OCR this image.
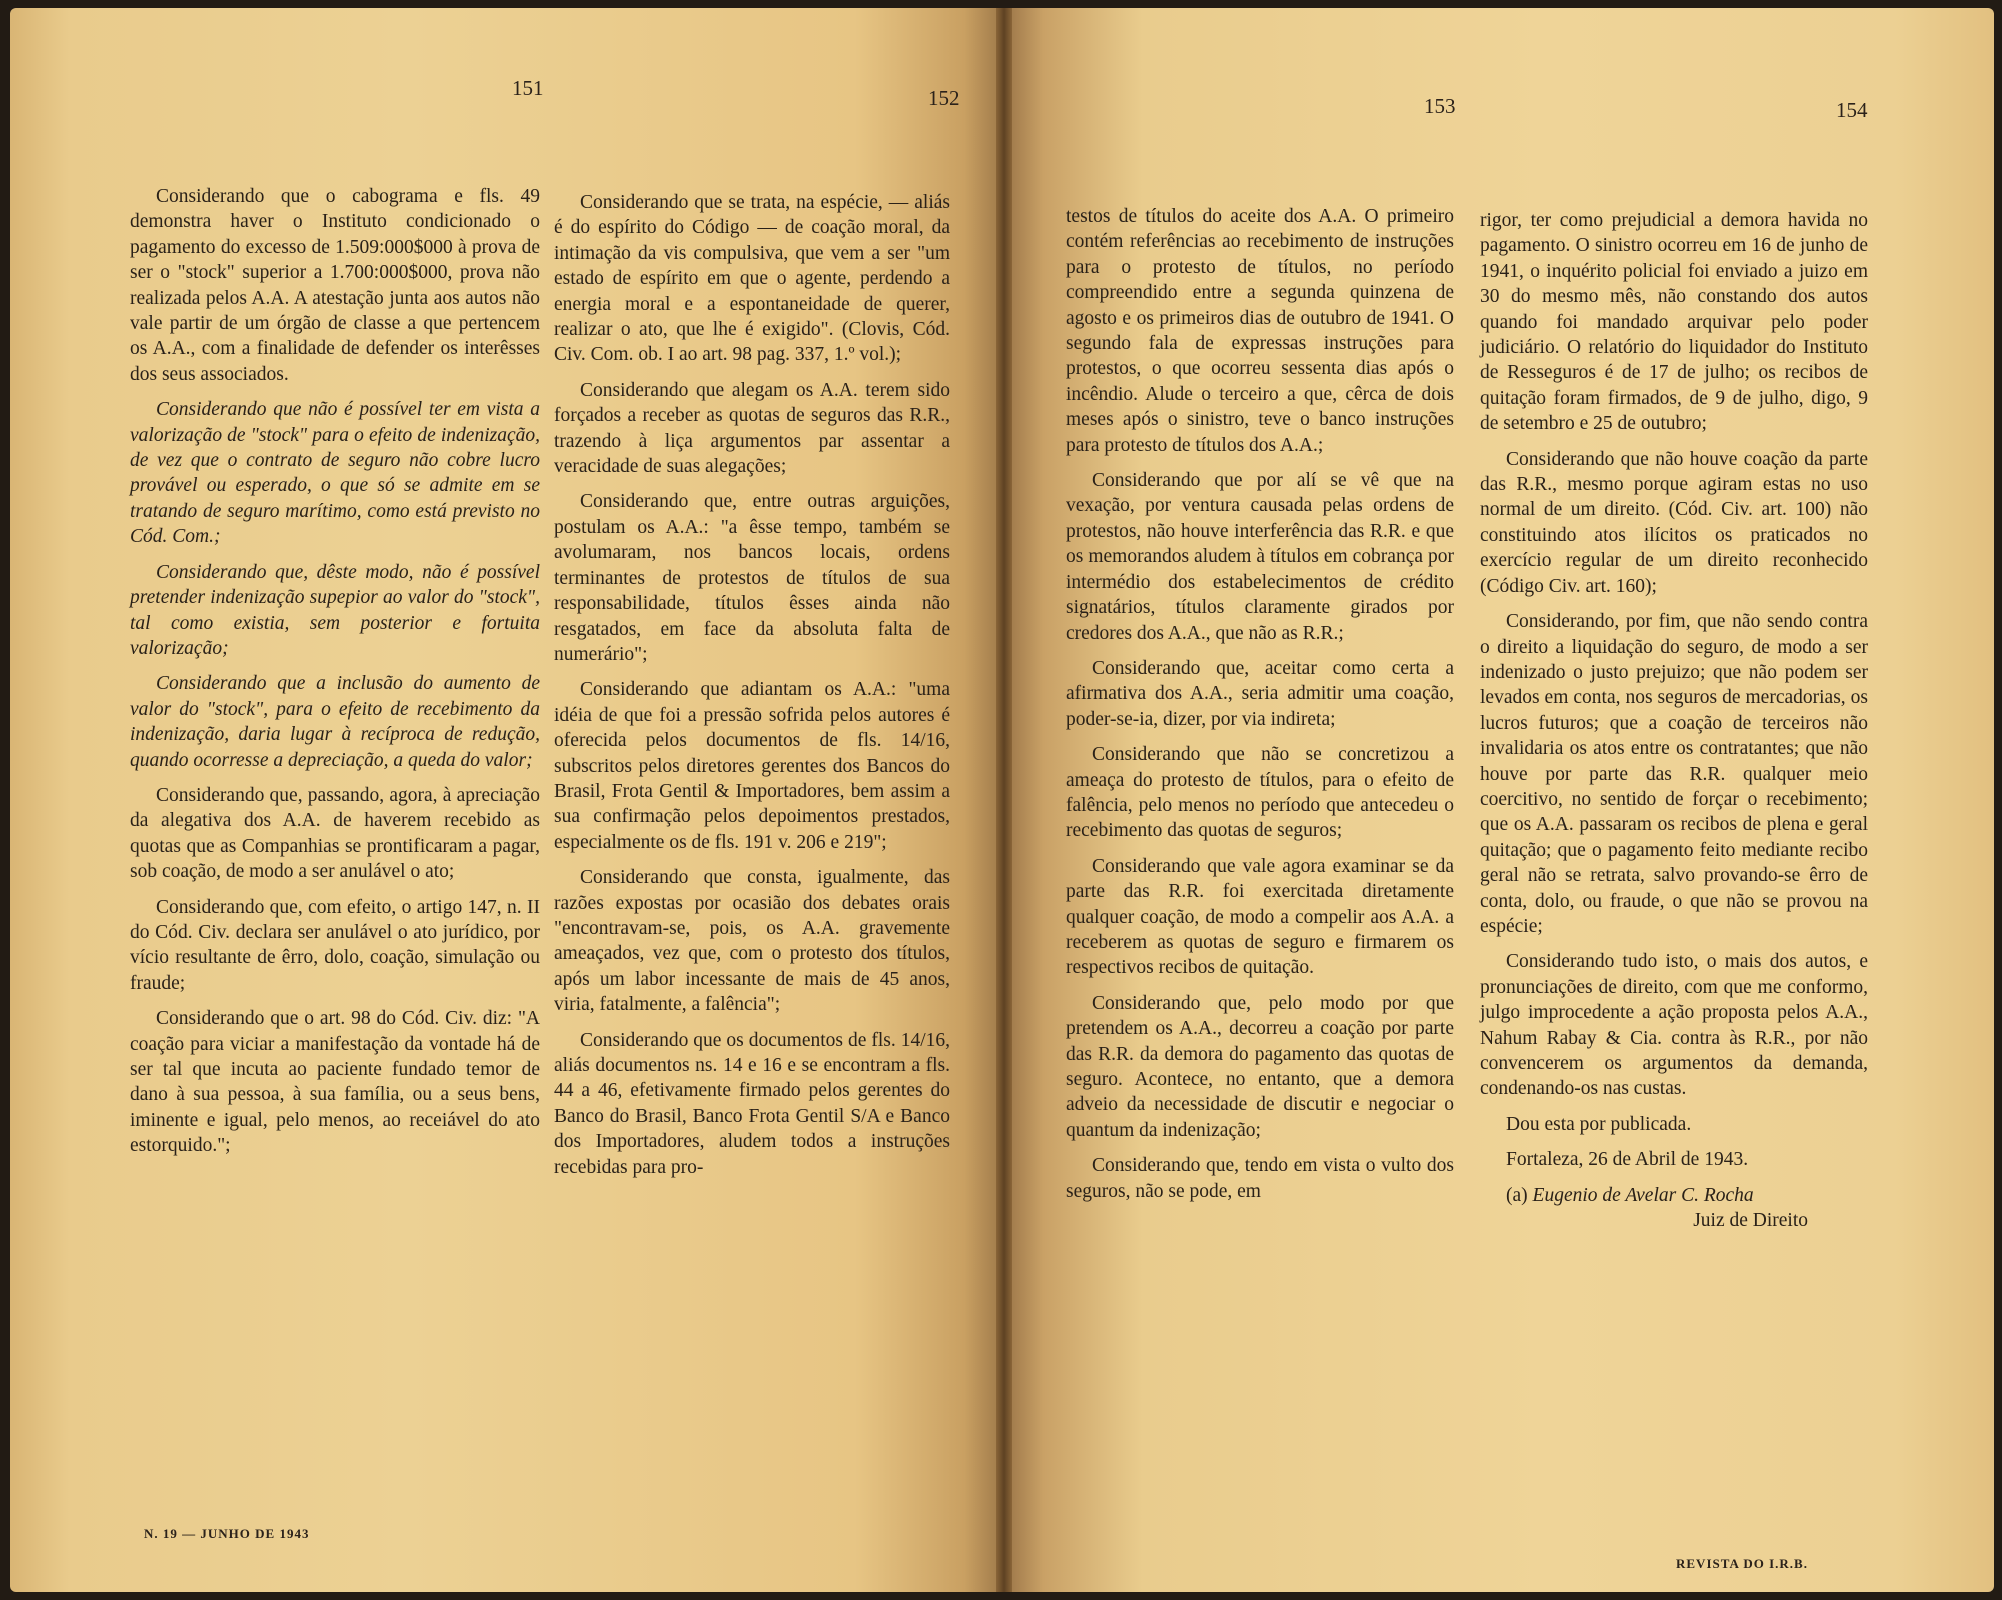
151	152	153	154

Considerando que o cabograma e fls. 49 demonstra haver o Instituto condicionado o pagamento do excesso de 1.509:000$000 à prova de ser o "stock" superior a 1.700:000$000, prova não realizada pelos A.A. A atestação junta aos autos não vale partir de um órgão de classe a que pertencem os A.A., com a finalidade de defender os interêsses dos seus associados.

Considerando que não é possível ter em vista a valorização de "stock" para o efeito de indenização, de vez que o contrato de seguro não cobre lucro provável ou esperado, o que só se admite em se tratando de seguro marítimo, como está previsto no Cód. Com.;

Considerando que, dêste modo, não é possível pretender indenização supepior ao valor do "stock", tal como existia, sem posterior e fortuita valorização;

Considerando que a inclusão do aumento de valor do "stock", para o efeito de recebimento da indenização, daria lugar à recíproca de redução, quando ocorresse a depreciação, a queda do valor;

Considerando que, passando, agora, à apreciação da alegativa dos A.A. de haverem recebido as quotas que as Companhias se prontificaram a pagar, sob coação, de modo a ser anulável o ato;

Considerando que, com efeito, o artigo 147, n. II do Cód. Civ. declara ser anulável o ato jurídico, por vício resultante de êrro, dolo, coação, simulação ou fraude;

Considerando que o art. 98 do Cód. Civ. diz: "A coação para viciar a manifestação da vontade há de ser tal que incuta ao paciente fundado temor de dano à sua pessoa, à sua família, ou a seus bens, iminente e igual, pelo menos, ao receiável do ato estorquido.";

Considerando que se trata, na espécie, — aliás é do espírito do Código — de coação moral, da intimação da vis compulsiva, que vem a ser "um estado de espírito em que o agente, perdendo a energia moral e a espontaneidade de querer, realizar o ato, que lhe é exigido". (Clovis, Cód. Civ. Com. ob. I ao art. 98 pag. 337, 1.º vol.);

Considerando que alegam os A.A. terem sido forçados a receber as quotas de seguros das R.R., trazendo à liça argumentos par assentar a veracidade de suas alegações;

Considerando que, entre outras arguições, postulam os A.A.: "a êsse tempo, também se avolumaram, nos bancos locais, ordens terminantes de protestos de títulos de sua responsabilidade, títulos êsses ainda não resgatados, em face da absoluta falta de numerário";

Considerando que adiantam os A.A.: "uma idéia de que foi a pressão sofrida pelos autores é oferecida pelos documentos de fls. 14/16, subscritos pelos diretores gerentes dos Bancos do Brasil, Frota Gentil & Importadores, bem assim a sua confirmação pelos depoimentos prestados, especialmente os de fls. 191 v. 206 e 219";

Considerando que consta, igualmente, das razões expostas por ocasião dos debates orais "encontravam-se, pois, os A.A. gravemente ameaçados, vez que, com o protesto dos títulos, após um labor incessante de mais de 45 anos, viria, fatalmente, a falência";

Considerando que os documentos de fls. 14/16, aliás documentos ns. 14 e 16 e se encontram a fls. 44 a 46, efetivamente firmado pelos gerentes do Banco do Brasil, Banco Frota Gentil S/A e Banco dos Importadores, aludem todos a instruções recebidas para pro-

testos de títulos do aceite dos A.A. O primeiro contém referências ao recebimento de instruções para o protesto de títulos, no período compreendido entre a segunda quinzena de agosto e os primeiros dias de outubro de 1941. O segundo fala de expressas instruções para protestos, o que ocorreu sessenta dias após o incêndio. Alude o terceiro a que, cêrca de dois meses após o sinistro, teve o banco instruções para protesto de títulos dos A.A.;

Considerando que por alí se vê que na vexação, por ventura causada pelas ordens de protestos, não houve interferência das R.R. e que os memorandos aludem à títulos em cobrança por intermédio dos estabelecimentos de crédito signatários, títulos claramente girados por credores dos A.A., que não as R.R.;

Considerando que, aceitar como certa a afirmativa dos A.A., seria admitir uma coação, poder-se-ia, dizer, por via indireta;

Considerando que não se concretizou a ameaça do protesto de títulos, para o efeito de falência, pelo menos no período que antecedeu o recebimento das quotas de seguros;

Considerando que vale agora examinar se da parte das R.R. foi exercitada diretamente qualquer coação, de modo a compelir aos A.A. a receberem as quotas de seguro e firmarem os respectivos recibos de quitação.

Considerando que, pelo modo por que pretendem os A.A., decorreu a coação por parte das R.R. da demora do pagamento das quotas de seguro. Acontece, no entanto, que a demora adveio da necessidade de discutir e negociar o quantum da indenização;

Considerando que, tendo em vista o vulto dos seguros, não se pode, em

rigor, ter como prejudicial a demora havida no pagamento. O sinistro ocorreu em 16 de junho de 1941, o inquérito policial foi enviado a juizo em 30 do mesmo mês, não constando dos autos quando foi mandado arquivar pelo poder judiciário. O relatório do liquidador do Instituto de Resseguros é de 17 de julho; os recibos de quitação foram firmados, de 9 de julho, digo, 9 de setembro e 25 de outubro;

Considerando que não houve coação da parte das R.R., mesmo porque agiram estas no uso normal de um direito. (Cód. Civ. art. 100) não constituindo atos ilícitos os praticados no exercício regular de um direito reconhecido (Código Civ. art. 160);

Considerando, por fim, que não sendo contra o direito a liquidação do seguro, de modo a ser indenizado o justo prejuizo; que não podem ser levados em conta, nos seguros de mercadorias, os lucros futuros; que a coação de terceiros não invalidaria os atos entre os contratantes; que não houve por parte das R.R. qualquer meio coercitivo, no sentido de forçar o recebimento; que os A.A. passaram os recibos de plena e geral quitação; que o pagamento feito mediante recibo geral não se retrata, salvo provando-se êrro de conta, dolo, ou fraude, o que não se provou na espécie;

Considerando tudo isto, o mais dos autos, e pronunciações de direito, com que me conformo, julgo improcedente a ação proposta pelos A.A., Nahum Rabay & Cia. contra às R.R., por não convencerem os argumentos da demanda, condenando-os nas custas.

Dou esta por publicada.

Fortaleza, 26 de Abril de 1943.

(a) Eugenio de Avelar C. Rocha
Juiz de Direito
N. 19 — JUNHO DE 1943
REVISTA DO I.R.B.
